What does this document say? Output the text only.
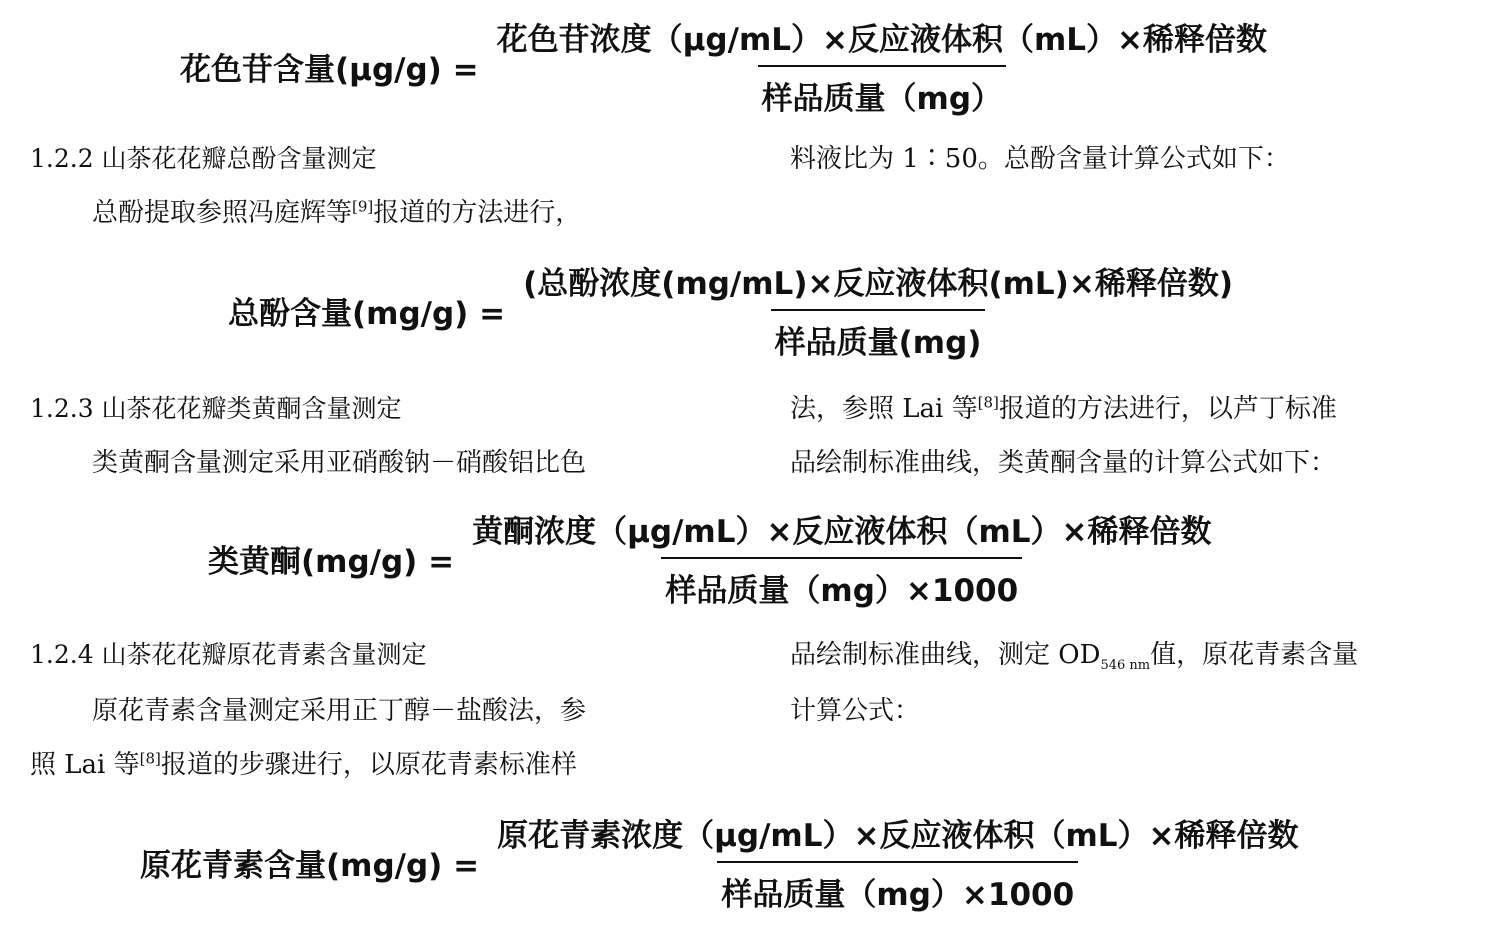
花色苷含量$(\mu g/g) = \frac{\text{花色苷浓度（μg/mL）×反应液体积（mL）×稀释倍数}}{\text{样品质量（mg）}}$
1.2.2 山茶花花瓣总酚含量测定
总酚提取参照冯庭辉等[9]报道的方法进行，
料液比为 1∶50。总酚含量计算公式如下：
总酚含量$(mg/g) = \frac{\text{(总酚浓度(mg/mL)×反应液体积(mL)×稀释倍数)}}{\text{样品质量(mg)}}$
1.2.3 山茶花花瓣类黄酮含量测定
类黄酮含量测定采用亚硝酸钠－硝酸铝比色
法，参照 Lai 等[8]报道的方法进行，以芦丁标准
品绘制标准曲线，类黄酮含量的计算公式如下：
类黄酮$(mg/g) = \frac{\text{黄酮浓度（μg/mL）×反应液体积（mL）×稀释倍数}}{\text{样品质量（mg）×1000}}$
1.2.4 山茶花花瓣原花青素含量测定
原花青素含量测定采用正丁醇－盐酸法，参
照 Lai 等[8]报道的步骤进行，以原花青素标准样
品绘制标准曲线，测定 $OD_{546 nm}$值，原花青素含量
计算公式：
原花青素含量$(mg/g) = \frac{\text{原花青素浓度（μg/mL）×反应液体积（mL）×稀释倍数}}{\text{样品质量（mg）×1000}}$
